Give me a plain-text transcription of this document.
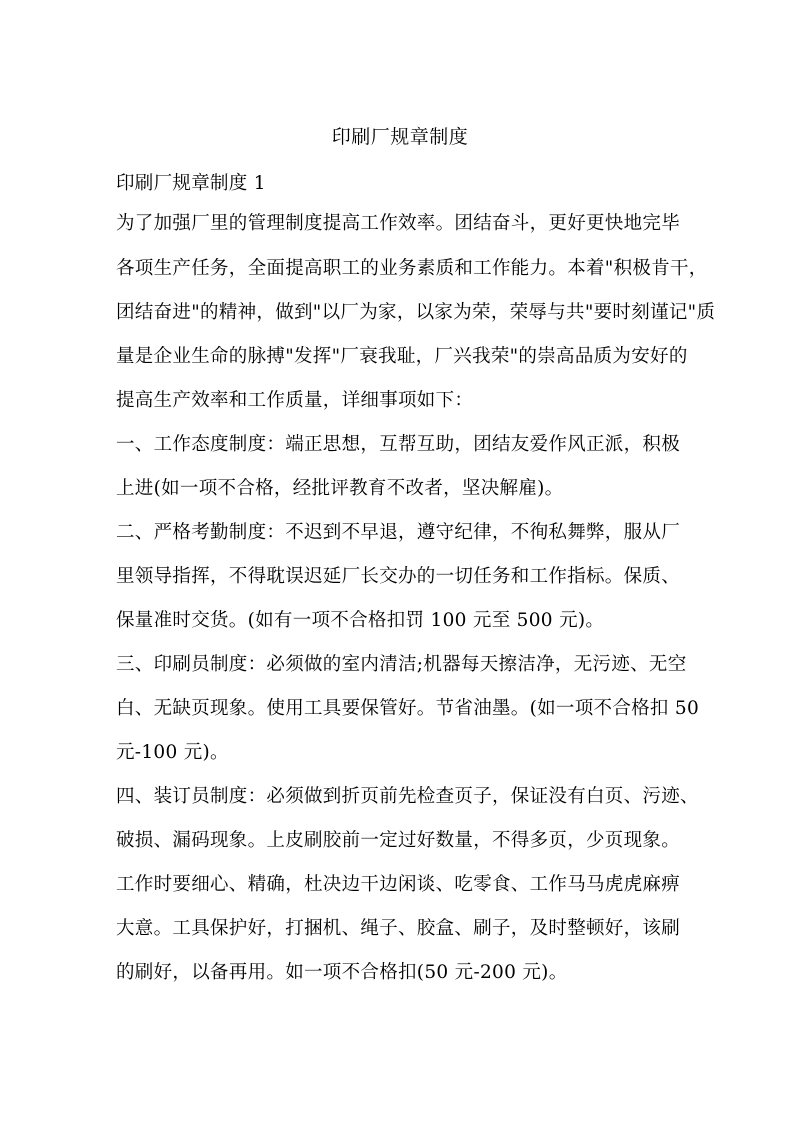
印刷厂规章制度
印刷厂规章制度 1
为了加强厂里的管理制度提高工作效率。团结奋斗，更好更快地完毕
各项生产任务，全面提高职工的业务素质和工作能力。本着"积极肯干，
团结奋进"的精神，做到"以厂为家，以家为荣，荣辱与共"要时刻谨记"质
量是企业生命的脉搏"发挥"厂衰我耻，厂兴我荣"的崇高品质为安好的
提高生产效率和工作质量，详细事项如下：
一、工作态度制度：端正思想，互帮互助，团结友爱作风正派，积极
上进(如一项不合格，经批评教育不改者，坚决解雇)。
二、严格考勤制度：不迟到不早退，遵守纪律，不徇私舞弊，服从厂
里领导指挥，不得耽误迟延厂长交办的一切任务和工作指标。保质、
保量准时交货。(如有一项不合格扣罚 100 元至 500 元)。
三、印刷员制度：必须做的室内清洁;机器每天擦洁净，无污迹、无空
白、无缺页现象。使用工具要保管好。节省油墨。(如一项不合格扣 50
元-100 元)。
四、装订员制度：必须做到折页前先检查页子，保证没有白页、污迹、
破损、漏码现象。上皮刷胶前一定过好数量，不得多页，少页现象。
工作时要细心、精确，杜决边干边闲谈、吃零食、工作马马虎虎麻痹
大意。工具保护好，打捆机、绳子、胶盒、刷子，及时整顿好，该刷
的刷好，以备再用。如一项不合格扣(50 元-200 元)。
